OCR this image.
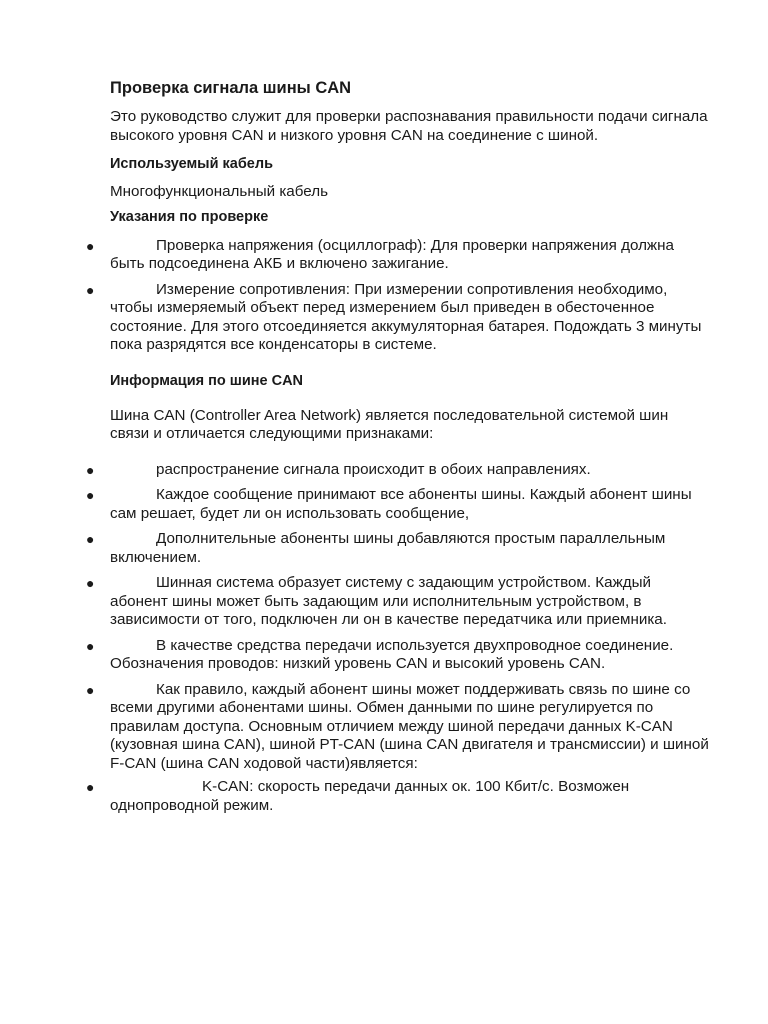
Проверка сигнала шины CAN

Это руководство служит для проверки распознавания правильности подачи сигнала высокого уровня CAN и низкого уровня CAN на соединение с шиной.

Используемый кабель

Многофункциональный кабель

Указания по проверке
●	Проверка напряжения (осциллограф): Для проверки напряжения должна быть подсоединена АКБ и включено зажигание.
●	Измерение сопротивления: При измерении сопротивления необходимо, чтобы измеряемый объект перед измерением был приведен в обесточенное состояние. Для этого отсоединяется аккумуляторная батарея. Подождать 3 минуты пока разрядятся все конденсаторы в системе.
Информация по шине CAN

Шина CAN (Controller Area Network) является последовательной системой шин связи и отличается следующими признаками:

●	распространение сигнала происходит в обоих направлениях.
●	Каждое сообщение принимают все абоненты шины. Каждый абонент шины сам решает, будет ли он использовать сообщение,
●	Дополнительные абоненты шины добавляются простым параллельным включением.
●	Шинная система образует систему с задающим устройством. Каждый абонент шины может быть задающим или исполнительным устройством, в зависимости от того, подключен ли он в качестве передатчика или приемника.
●	В качестве средства передачи используется двухпроводное соединение. Обозначения проводов: низкий уровень CAN и высокий уровень CAN.
●	Как правило, каждый абонент шины может поддерживать связь по шине со всеми другими абонентами шины. Обмен данными по шине регулируется по правилам доступа. Основным отличием между шиной передачи данных K-CAN (кузовная шина CAN), шиной PT-CAN (шина CAN двигателя и трансмиссии) и шиной F-CAN (шина CAN ходовой части)является:
●	K-CAN: скорость передачи данных ок. 100 Кбит/с. Возможен однопроводной режим.
